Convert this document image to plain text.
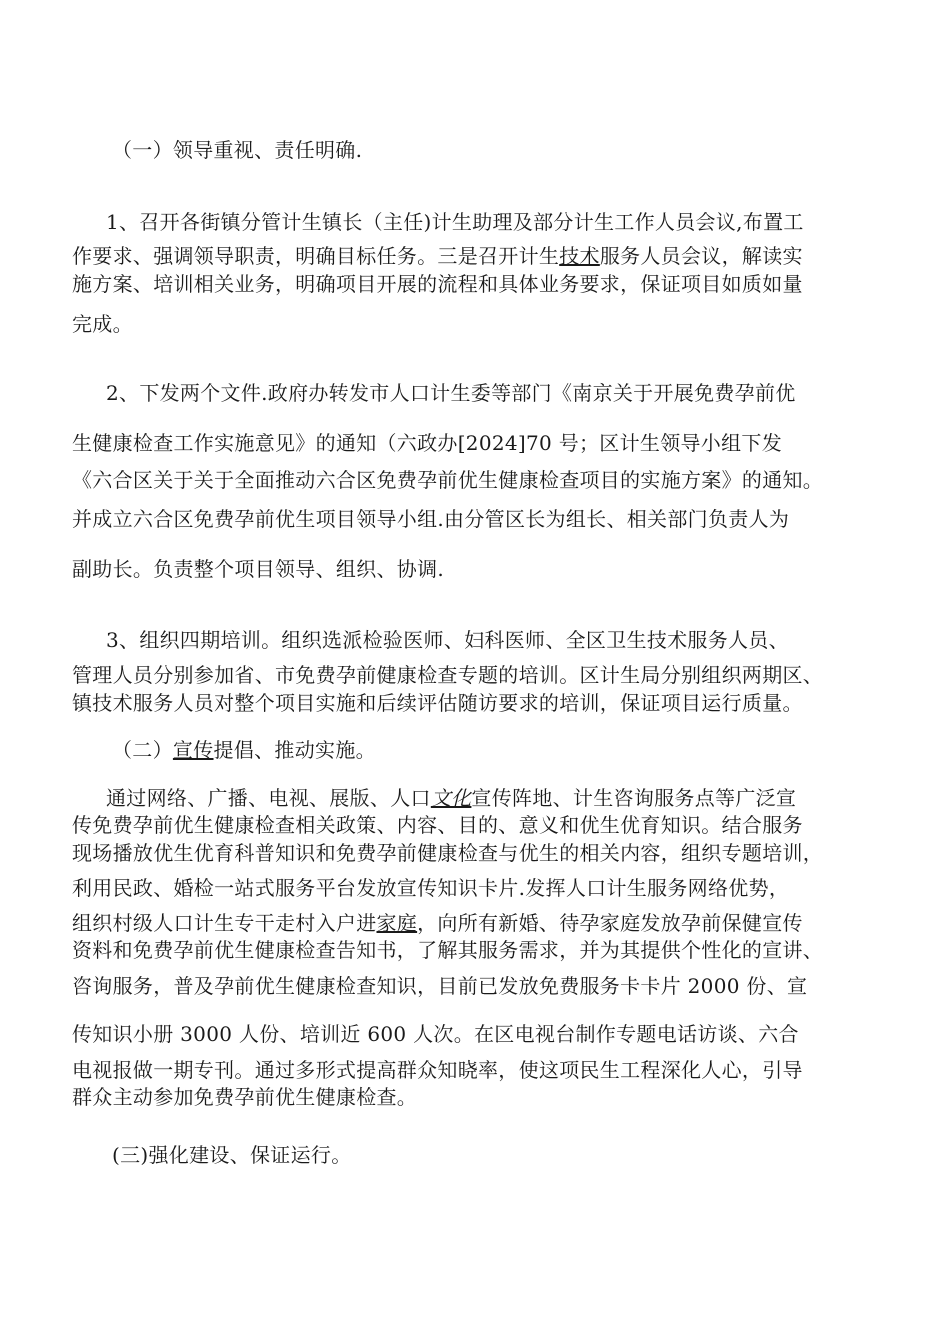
（一）领导重视、责任明确.

1、召开各街镇分管计生镇长（主任)计生助理及部分计生工作人员会议,布置工

作要求、强调领导职责，明确目标任务。三是召开计生技术服务人员会议，解读实

施方案、培训相关业务，明确项目开展的流程和具体业务要求，保证项目如质如量

完成。

2、下发两个文件.政府办转发市人口计生委等部门《南京关于开展免费孕前优

生健康检查工作实施意见》的通知（六政办[2024]70 号；区计生领导小组下发

《六合区关于关于全面推动六合区免费孕前优生健康检查项目的实施方案》的通知。

并成立六合区免费孕前优生项目领导小组.由分管区长为组长、相关部门负责人为

副助长。负责整个项目领导、组织、协调.

3、组织四期培训。组织选派检验医师、妇科医师、全区卫生技术服务人员、

管理人员分别参加省、市免费孕前健康检查专题的培训。区计生局分别组织两期区、

镇技术服务人员对整个项目实施和后续评估随访要求的培训，保证项目运行质量。

（二）宣传提倡、推动实施。

通过网络、广播、电视、展版、人口文化宣传阵地、计生咨询服务点等广泛宣

传免费孕前优生健康检查相关政策、内容、目的、意义和优生优育知识。结合服务

现场播放优生优育科普知识和免费孕前健康检查与优生的相关内容，组织专题培训，

利用民政、婚检一站式服务平台发放宣传知识卡片.发挥人口计生服务网络优势，

组织村级人口计生专干走村入户进家庭，向所有新婚、待孕家庭发放孕前保健宣传

资料和免费孕前优生健康检查告知书，了解其服务需求，并为其提供个性化的宣讲、

咨询服务，普及孕前优生健康检查知识，目前已发放免费服务卡卡片 2000 份、宣

传知识小册 3000 人份、培训近 600 人次。在区电视台制作专题电话访谈、六合

电视报做一期专刊。通过多形式提高群众知晓率，使这项民生工程深化人心，引导

群众主动参加免费孕前优生健康检查。

(三)强化建设、保证运行。
